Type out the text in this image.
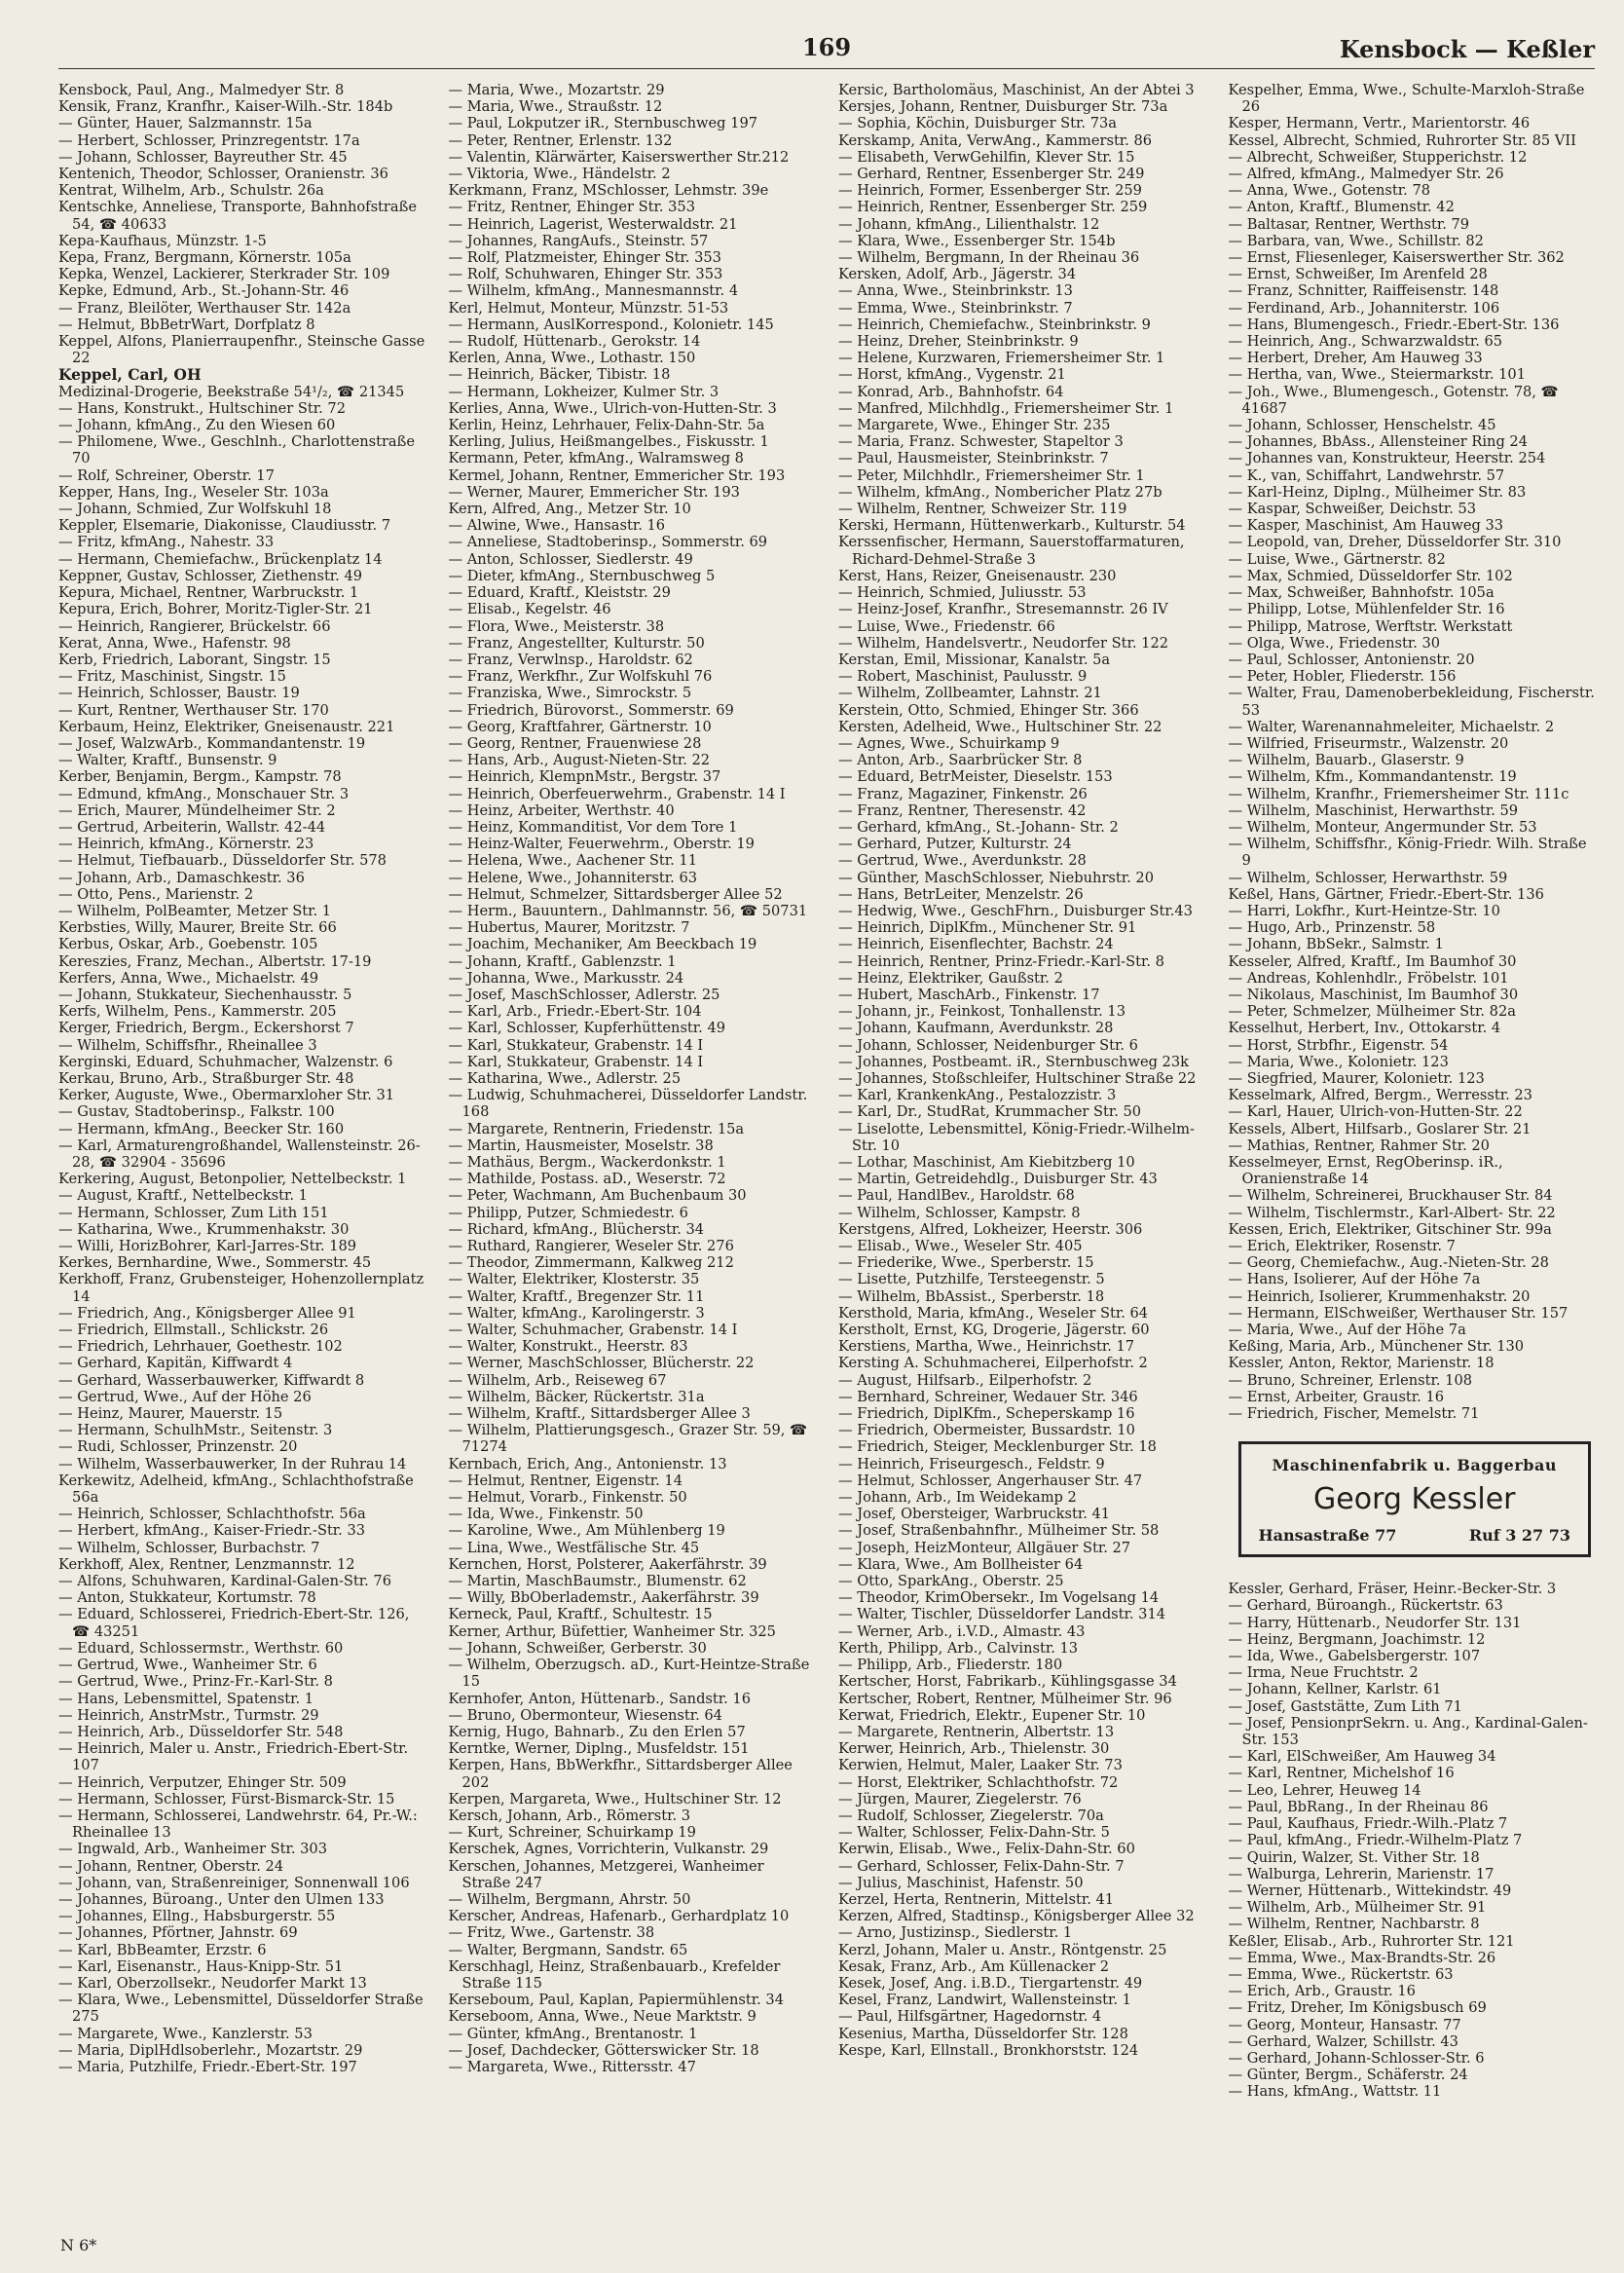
169	Kensbock — Keßler
Kensbock, Paul, Ang., Malmedyer Str. 8
Kensik, Franz, Kranfhr., Kaiser-Wilh.-Str. 184b
— Günter, Hauer, Salzmannstr. 15a
— Herbert, Schlosser, Prinzregentstr. 17a
— Johann, Schlosser, Bayreuther Str. 45
Kentenich, Theodor, Schlosser, Oranienstr. 36
Kentrat, Wilhelm, Arb., Schulstr. 26a
Kentschke, Anneliese, Transporte, Bahnhofstraße 54, ☎ 40633
Kepa-Kaufhaus, Münzstr. 1-5
Kepa, Franz, Bergmann, Körnerstr. 105a
Kepka, Wenzel, Lackierer, Sterkrader Str. 109
Kepke, Edmund, Arb., St.-Johann-Str. 46
— Franz, Bleilöter, Werthauser Str. 142a
— Helmut, BbBetrWart, Dorfplatz 8
Keppel, Alfons, Planierraupenfhr., Steinsche Gasse 22
Keppel, Carl, OH
Medizinal-Drogerie, Beekstraße 54¹/₂, ☎ 21345
— Hans, Konstrukt., Hultschiner Str. 72
— Johann, kfmAng., Zu den Wiesen 60
— Philomene, Wwe., Geschlnh., Charlottenstraße 70
— Rolf, Schreiner, Oberstr. 17
Kepper, Hans, Ing., Weseler Str. 103a
— Johann, Schmied, Zur Wolfskuhl 18
Keppler, Elsemarie, Diakonisse, Claudiusstr. 7
— Fritz, kfmAng., Nahestr. 33
— Hermann, Chemiefachw., Brückenplatz 14
Keppner, Gustav, Schlosser, Ziethenstr. 49
Kepura, Michael, Rentner, Warbruckstr. 1
Kepura, Erich, Bohrer, Moritz-Tigler-Str. 21
— Heinrich, Rangierer, Brückelstr. 66
Kerat, Anna, Wwe., Hafenstr. 98
Kerb, Friedrich, Laborant, Singstr. 15
— Fritz, Maschinist, Singstr. 15
— Heinrich, Schlosser, Baustr. 19
— Kurt, Rentner, Werthauser Str. 170
Kerbaum, Heinz, Elektriker, Gneisenaustr. 221
— Josef, WalzwArb., Kommandantenstr. 19
— Walter, Kraftf., Bunsenstr. 9
Kerber, Benjamin, Bergm., Kampstr. 78
— Edmund, kfmAng., Monschauer Str. 3
— Erich, Maurer, Mündelheimer Str. 2
— Gertrud, Arbeiterin, Wallstr. 42-44
— Heinrich, kfmAng., Körnerstr. 23
— Helmut, Tiefbauarb., Düsseldorfer Str. 578
— Johann, Arb., Damaschkestr. 36
— Otto, Pens., Marienstr. 2
— Wilhelm, PolBeamter, Metzer Str. 1
Kerbsties, Willy, Maurer, Breite Str. 66
Kerbus, Oskar, Arb., Goebenstr. 105
Kereszies, Franz, Mechan., Albertstr. 17-19
Kerfers, Anna, Wwe., Michaelstr. 49
— Johann, Stukkateur, Siechenhausstr. 5
Kerfs, Wilhelm, Pens., Kammerstr. 205
Kerger, Friedrich, Bergm., Eckershorst 7
— Wilhelm, Schiffsfhr., Rheinallee 3
Kerginski, Eduard, Schuhmacher, Walzenstr. 6
Kerkau, Bruno, Arb., Straßburger Str. 48
Kerker, Auguste, Wwe., Obermarxloher Str. 31
— Gustav, Stadtoberinsp., Falkstr. 100
— Hermann, kfmAng., Beecker Str. 160
— Karl, Armaturengroßhandel, Wallensteinstr. 26-28, ☎ 32904 - 35696
Kerkering, August, Betonpolier, Nettelbeckstr. 1
— August, Kraftf., Nettelbeckstr. 1
— Hermann, Schlosser, Zum Lith 151
— Katharina, Wwe., Krummenhakstr. 30
— Willi, HorizBohrer, Karl-Jarres-Str. 189
Kerkes, Bernhardine, Wwe., Sommerstr. 45
Kerkhoff, Franz, Grubensteiger, Hohenzollernplatz 14
— Friedrich, Ang., Königsberger Allee 91
— Friedrich, Ellmstall., Schlickstr. 26
— Friedrich, Lehrhauer, Goethestr. 102
— Gerhard, Kapitän, Kiffwardt 4
— Gerhard, Wasserbauwerker, Kiffwardt 8
— Gertrud, Wwe., Auf der Höhe 26
— Heinz, Maurer, Mauerstr. 15
— Hermann, SchulhMstr., Seitenstr. 3
— Rudi, Schlosser, Prinzenstr. 20
— Wilhelm, Wasserbauwerker, In der Ruhrau 14
Kerkewitz, Adelheid, kfmAng., Schlachthofstraße 56a
— Heinrich, Schlosser, Schlachthofstr. 56a
— Herbert, kfmAng., Kaiser-Friedr.-Str. 33
— Wilhelm, Schlosser, Burbachstr. 7
Kerkhoff, Alex, Rentner, Lenzmannstr. 12
— Alfons, Schuhwaren, Kardinal-Galen-Str. 76
— Anton, Stukkateur, Kortumstr. 78
— Eduard, Schlosserei, Friedrich-Ebert-Str. 126, ☎ 43251
— Eduard, Schlossermstr., Werthstr. 60
— Gertrud, Wwe., Wanheimer Str. 6
— Gertrud, Wwe., Prinz-Fr.-Karl-Str. 8
— Hans, Lebensmittel, Spatenstr. 1
— Heinrich, AnstrMstr., Turmstr. 29
— Heinrich, Arb., Düsseldorfer Str. 548
— Heinrich, Maler u. Anstr., Friedrich-Ebert-Str. 107
— Heinrich, Verputzer, Ehinger Str. 509
— Hermann, Schlosser, Fürst-Bismarck-Str. 15
— Hermann, Schlosserei, Landwehrstr. 64, Pr.-W.: Rheinallee 13
— Ingwald, Arb., Wanheimer Str. 303
— Johann, Rentner, Oberstr. 24
— Johann, van, Straßenreiniger, Sonnenwall 106
— Johannes, Büroang., Unter den Ulmen 133
— Johannes, Ellng., Habsburgerstr. 55
— Johannes, Pförtner, Jahnstr. 69
— Karl, BbBeamter, Erzstr. 6
— Karl, Eisenanstr., Haus-Knipp-Str. 51
— Karl, Oberzollsekr., Neudorfer Markt 13
— Klara, Wwe., Lebensmittel, Düsseldorfer Straße 275
— Margarete, Wwe., Kanzlerstr. 53
— Maria, DiplHdlsoberlehr., Mozartstr. 29
— Maria, Putzhilfe, Friedr.-Ebert-Str. 197
— Maria, Wwe., Mozartstr. 29
— Maria, Wwe., Straußstr. 12
— Paul, Lokputzer iR., Sternbuschweg 197
— Peter, Rentner, Erlenstr. 132
— Valentin, Klärwärter, Kaiserswerther Str.212
— Viktoria, Wwe., Händelstr. 2
Kerkmann, Franz, MSchlosser, Lehmstr. 39e
— Fritz, Rentner, Ehinger Str. 353
— Heinrich, Lagerist, Westerwaldstr. 21
— Johannes, RangAufs., Steinstr. 57
— Rolf, Platzmeister, Ehinger Str. 353
— Rolf, Schuhwaren, Ehinger Str. 353
— Wilhelm, kfmAng., Mannesmannstr. 4
Kerl, Helmut, Monteur, Münzstr. 51-53
— Hermann, AuslKorrespond., Kolonietr. 145
— Rudolf, Hüttenarb., Gerokstr. 14
Kerlen, Anna, Wwe., Lothastr. 150
— Heinrich, Bäcker, Tibistr. 18
— Hermann, Lokheizer, Kulmer Str. 3
Kerlies, Anna, Wwe., Ulrich-von-Hutten-Str. 3
Kerlin, Heinz, Lehrhauer, Felix-Dahn-Str. 5a
Kerling, Julius, Heißmangelbes., Fiskusstr. 1
Kermann, Peter, kfmAng., Walramsweg 8
Kermel, Johann, Rentner, Emmericher Str. 193
— Werner, Maurer, Emmericher Str. 193
Kern, Alfred, Ang., Metzer Str. 10
— Alwine, Wwe., Hansastr. 16
— Anneliese, Stadtoberinsp., Sommerstr. 69
— Anton, Schlosser, Siedlerstr. 49
— Dieter, kfmAng., Sternbuschweg 5
— Eduard, Kraftf., Kleiststr. 29
— Elisab., Kegelstr. 46
— Flora, Wwe., Meisterstr. 38
— Franz, Angestellter, Kulturstr. 50
— Franz, Verwlnsp., Haroldstr. 62
— Franz, Werkfhr., Zur Wolfskuhl 76
— Franziska, Wwe., Simrockstr. 5
— Friedrich, Bürovorst., Sommerstr. 69
— Georg, Kraftfahrer, Gärtnerstr. 10
— Georg, Rentner, Frauenwiese 28
— Hans, Arb., August-Nieten-Str. 22
— Heinrich, KlempnMstr., Bergstr. 37
— Heinrich, Oberfeuerwehrm., Grabenstr. 14 I
— Heinz, Arbeiter, Werthstr. 40
— Heinz, Kommanditist, Vor dem Tore 1
— Heinz-Walter, Feuerwehrm., Oberstr. 19
— Helena, Wwe., Aachener Str. 11
— Helene, Wwe., Johanniterstr. 63
— Helmut, Schmelzer, Sittardsberger Allee 52
— Herm., Bauuntern., Dahlmannstr. 56, ☎ 50731
— Hubertus, Maurer, Moritzstr. 7
— Joachim, Mechaniker, Am Beeckbach 19
— Johann, Kraftf., Gablenzstr. 1
— Johanna, Wwe., Markusstr. 24
— Josef, MaschSchlosser, Adlerstr. 25
— Karl, Arb., Friedr.-Ebert-Str. 104
— Karl, Schlosser, Kupferhüttenstr. 49
— Karl, Stukkateur, Grabenstr. 14 I
— Karl, Stukkateur, Grabenstr. 14 I
— Katharina, Wwe., Adlerstr. 25
— Ludwig, Schuhmacherei, Düsseldorfer Landstr. 168
— Margarete, Rentnerin, Friedenstr. 15a
— Martin, Hausmeister, Moselstr. 38
— Mathäus, Bergm., Wackerdonkstr. 1
— Mathilde, Postass. aD., Weserstr. 72
— Peter, Wachmann, Am Buchenbaum 30
— Philipp, Putzer, Schmiedestr. 6
— Richard, kfmAng., Blücherstr. 34
— Ruthard, Rangierer, Weseler Str. 276
— Theodor, Zimmermann, Kalkweg 212
— Walter, Elektriker, Klosterstr. 35
— Walter, Kraftf., Bregenzer Str. 11
— Walter, kfmAng., Karolingerstr. 3
— Walter, Schuhmacher, Grabenstr. 14 I
— Walter, Konstrukt., Heerstr. 83
— Werner, MaschSchlosser, Blücherstr. 22
— Wilhelm, Arb., Reiseweg 67
— Wilhelm, Bäcker, Rückertstr. 31a
— Wilhelm, Kraftf., Sittardsberger Allee 3
— Wilhelm, Plattierungsgesch., Grazer Str. 59, ☎ 71274
Kernbach, Erich, Ang., Antonienstr. 13
— Helmut, Rentner, Eigenstr. 14
— Helmut, Vorarb., Finkenstr. 50
— Ida, Wwe., Finkenstr. 50
— Karoline, Wwe., Am Mühlenberg 19
— Lina, Wwe., Westfälische Str. 45
Kernchen, Horst, Polsterer, Aakerfährstr. 39
— Martin, MaschBaumstr., Blumenstr. 62
— Willy, BbOberlademstr., Aakerfährstr. 39
Kerneck, Paul, Kraftf., Schultestr. 15
Kerner, Arthur, Büfettier, Wanheimer Str. 325
— Johann, Schweißer, Gerberstr. 30
— Wilhelm, Oberzugsch. aD., Kurt-Heintze-Straße 15
Kernhofer, Anton, Hüttenarb., Sandstr. 16
— Bruno, Obermonteur, Wiesenstr. 64
Kernig, Hugo, Bahnarb., Zu den Erlen 57
Kerntke, Werner, Diplng., Musfeldstr. 151
Kerpen, Hans, BbWerkfhr., Sittardsberger Allee 202
Kerpen, Margareta, Wwe., Hultschiner Str. 12
Kersch, Johann, Arb., Römerstr. 3
— Kurt, Schreiner, Schuirkamp 19
Kerschek, Agnes, Vorrichterin, Vulkanstr. 29
Kerschen, Johannes, Metzgerei, Wanheimer Straße 247
— Wilhelm, Bergmann, Ahrstr. 50
Kerscher, Andreas, Hafenarb., Gerhardplatz 10
— Fritz, Wwe., Gartenstr. 38
— Walter, Bergmann, Sandstr. 65
Kerschhagl, Heinz, Straßenbauarb., Krefelder Straße 115
Kerseboum, Paul, Kaplan, Papiermühlenstr. 34
Kerseboom, Anna, Wwe., Neue Marktstr. 9
— Günter, kfmAng., Brentanostr. 1
— Josef, Dachdecker, Götterswicker Str. 18
— Margareta, Wwe., Rittersstr. 47
Kersic, Bartholomäus, Maschinist, An der Abtei 3
Kersjes, Johann, Rentner, Duisburger Str. 73a
— Sophia, Köchin, Duisburger Str. 73a
Kerskamp, Anita, VerwAng., Kammerstr. 86
— Elisabeth, VerwGehilfin, Klever Str. 15
— Gerhard, Rentner, Essenberger Str. 249
— Heinrich, Former, Essenberger Str. 259
— Heinrich, Rentner, Essenberger Str. 259
— Johann, kfmAng., Lilienthalstr. 12
— Klara, Wwe., Essenberger Str. 154b
— Wilhelm, Bergmann, In der Rheinau 36
Kersken, Adolf, Arb., Jägerstr. 34
— Anna, Wwe., Steinbrinkstr. 13
— Emma, Wwe., Steinbrinkstr. 7
— Heinrich, Chemiefachw., Steinbrinkstr. 9
— Heinz, Dreher, Steinbrinkstr. 9
— Helene, Kurzwaren, Friemersheimer Str. 1
— Horst, kfmAng., Vygenstr. 21
— Konrad, Arb., Bahnhofstr. 64
— Manfred, Milchhdlg., Friemersheimer Str. 1
— Margarete, Wwe., Ehinger Str. 235
— Maria, Franz. Schwester, Stapeltor 3
— Paul, Hausmeister, Steinbrinkstr. 7
— Peter, Milchhdlr., Friemersheimer Str. 1
— Wilhelm, kfmAng., Nombericher Platz 27b
— Wilhelm, Rentner, Schweizer Str. 119
Kerski, Hermann, Hüttenwerkarb., Kulturstr. 54
Kerssenfischer, Hermann, Sauerstoffarmaturen, Richard-Dehmel-Straße 3
Kerst, Hans, Reizer, Gneisenaustr. 230
— Heinrich, Schmied, Juliusstr. 53
— Heinz-Josef, Kranfhr., Stresemannstr. 26 IV
— Luise, Wwe., Friedenstr. 66
— Wilhelm, Handelsvertr., Neudorfer Str. 122
Kerstan, Emil, Missionar, Kanalstr. 5a
— Robert, Maschinist, Paulusstr. 9
— Wilhelm, Zollbeamter, Lahnstr. 21
Kerstein, Otto, Schmied, Ehinger Str. 366
Kersten, Adelheid, Wwe., Hultschiner Str. 22
— Agnes, Wwe., Schuirkamp 9
— Anton, Arb., Saarbrücker Str. 8
— Eduard, BetrMeister, Dieselstr. 153
— Franz, Magaziner, Finkenstr. 26
— Franz, Rentner, Theresenstr. 42
— Gerhard, kfmAng., St.-Johann- Str. 2
— Gerhard, Putzer, Kulturstr. 24
— Gertrud, Wwe., Averdunkstr. 28
— Günther, MaschSchlosser, Niebuhrstr. 20
— Hans, BetrLeiter, Menzelstr. 26
— Hedwig, Wwe., GeschFhrn., Duisburger Str.43
— Heinrich, DiplKfm., Münchener Str. 91
— Heinrich, Eisenflechter, Bachstr. 24
— Heinrich, Rentner, Prinz-Friedr.-Karl-Str. 8
— Heinz, Elektriker, Gaußstr. 2
— Hubert, MaschArb., Finkenstr. 17
— Johann, jr., Feinkost, Tonhallenstr. 13
— Johann, Kaufmann, Averdunkstr. 28
— Johann, Schlosser, Neidenburger Str. 6
— Johannes, Postbeamt. iR., Sternbuschweg 23k
— Johannes, Stoßschleifer, Hultschiner Straße 22
— Karl, KrankenkAng., Pestalozzistr. 3
— Karl, Dr., StudRat, Krummacher Str. 50
— Liselotte, Lebensmittel, König-Friedr.-Wilhelm-Str. 10
— Lothar, Maschinist, Am Kiebitzberg 10
— Martin, Getreidehdlg., Duisburger Str. 43
— Paul, HandlBev., Haroldstr. 68
— Wilhelm, Schlosser, Kampstr. 8
Kerstgens, Alfred, Lokheizer, Heerstr. 306
— Elisab., Wwe., Weseler Str. 405
— Friederike, Wwe., Sperberstr. 15
— Lisette, Putzhilfe, Tersteegenstr. 5
— Wilhelm, BbAssist., Sperberstr. 18
Kersthold, Maria, kfmAng., Weseler Str. 64
Kerstholt, Ernst, KG, Drogerie, Jägerstr. 60
Kerstiens, Martha, Wwe., Heinrichstr. 17
Kersting A. Schuhmacherei, Eilperhofstr. 2
— August, Hilfsarb., Eilperhofstr. 2
— Bernhard, Schreiner, Wedauer Str. 346
— Friedrich, DiplKfm., Scheperskamp 16
— Friedrich, Obermeister, Bussardstr. 10
— Friedrich, Steiger, Mecklenburger Str. 18
— Heinrich, Friseurgesch., Feldstr. 9
— Helmut, Schlosser, Angerhauser Str. 47
— Johann, Arb., Im Weidekamp 2
— Josef, Obersteiger, Warbruckstr. 41
— Josef, Straßenbahnfhr., Mülheimer Str. 58
— Joseph, HeizMonteur, Allgäuer Str. 27
— Klara, Wwe., Am Bollheister 64
— Otto, SparkAng., Oberstr. 25
— Theodor, KrimObersekr., Im Vogelsang 14
— Walter, Tischler, Düsseldorfer Landstr. 314
— Werner, Arb., i.V.D., Almastr. 43
Kerth, Philipp, Arb., Calvinstr. 13
— Philipp, Arb., Fliederstr. 180
Kertscher, Horst, Fabrikarb., Kühlingsgasse 34
Kertscher, Robert, Rentner, Mülheimer Str. 96
Kerwat, Friedrich, Elektr., Eupener Str. 10
— Margarete, Rentnerin, Albertstr. 13
Kerwer, Heinrich, Arb., Thielenstr. 30
Kerwien, Helmut, Maler, Laaker Str. 73
— Horst, Elektriker, Schlachthofstr. 72
— Jürgen, Maurer, Ziegelerstr. 76
— Rudolf, Schlosser, Ziegelerstr. 70a
— Walter, Schlosser, Felix-Dahn-Str. 5
Kerwin, Elisab., Wwe., Felix-Dahn-Str. 60
— Gerhard, Schlosser, Felix-Dahn-Str. 7
— Julius, Maschinist, Hafenstr. 50
Kerzel, Herta, Rentnerin, Mittelstr. 41
Kerzen, Alfred, Stadtinsp., Königsberger Allee 32
— Arno, Justizinsp., Siedlerstr. 1
Kerzl, Johann, Maler u. Anstr., Röntgenstr. 25
Kesak, Franz, Arb., Am Küllenacker 2
Kesek, Josef, Ang. i.B.D., Tiergartenstr. 49
Kesel, Franz, Landwirt, Wallensteinstr. 1
— Paul, Hilfsgärtner, Hagedornstr. 4
Kesenius, Martha, Düsseldorfer Str. 128
Kespe, Karl, Ellnstall., Bronkhorststr. 124
Kespelher, Emma, Wwe., Schulte-Marxloh-Straße 26
Kesper, Hermann, Vertr., Marientorstr. 46
Kessel, Albrecht, Schmied, Ruhrorter Str. 85 VII
— Albrecht, Schweißer, Stupperichstr. 12
— Alfred, kfmAng., Malmedyer Str. 26
— Anna, Wwe., Gotenstr. 78
— Anton, Kraftf., Blumenstr. 42
— Baltasar, Rentner, Werthstr. 79
— Barbara, van, Wwe., Schillstr. 82
— Ernst, Fliesenleger, Kaiserswerther Str. 362
— Ernst, Schweißer, Im Arenfeld 28
— Franz, Schnitter, Raiffeisenstr. 148
— Ferdinand, Arb., Johanniterstr. 106
— Hans, Blumengesch., Friedr.-Ebert-Str. 136
— Heinrich, Ang., Schwarzwaldstr. 65
— Herbert, Dreher, Am Hauweg 33
— Hertha, van, Wwe., Steiermarkstr. 101
— Joh., Wwe., Blumengesch., Gotenstr. 78, ☎ 41687
— Johann, Schlosser, Henschelstr. 45
— Johannes, BbAss., Allensteiner Ring 24
— Johannes van, Konstrukteur, Heerstr. 254
— K., van, Schiffahrt, Landwehrstr. 57
— Karl-Heinz, Diplng., Mülheimer Str. 83
— Kaspar, Schweißer, Deichstr. 53
— Kasper, Maschinist, Am Hauweg 33
— Leopold, van, Dreher, Düsseldorfer Str. 310
— Luise, Wwe., Gärtnerstr. 82
— Max, Schmied, Düsseldorfer Str. 102
— Max, Schweißer, Bahnhofstr. 105a
— Philipp, Lotse, Mühlenfelder Str. 16
— Philipp, Matrose, Werftstr. Werkstatt
— Olga, Wwe., Friedenstr. 30
— Paul, Schlosser, Antonienstr. 20
— Peter, Hobler, Fliederstr. 156
— Walter, Frau, Damenoberbekleidung, Fischerstr. 53
— Walter, Warenannahmeleiter, Michaelstr. 2
— Wilfried, Friseurmstr., Walzenstr. 20
— Wilhelm, Bauarb., Glaserstr. 9
— Wilhelm, Kfm., Kommandantenstr. 19
— Wilhelm, Kranfhr., Friemersheimer Str. 111c
— Wilhelm, Maschinist, Herwarthstr. 59
— Wilhelm, Monteur, Angermunder Str. 53
— Wilhelm, Schiffsfhr., König-Friedr. Wilh. Straße 9
— Wilhelm, Schlosser, Herwarthstr. 59
Keßel, Hans, Gärtner, Friedr.-Ebert-Str. 136
— Harri, Lokfhr., Kurt-Heintze-Str. 10
— Hugo, Arb., Prinzenstr. 58
— Johann, BbSekr., Salmstr. 1
Kesseler, Alfred, Kraftf., Im Baumhof 30
— Andreas, Kohlenhdlr., Fröbelstr. 101
— Nikolaus, Maschinist, Im Baumhof 30
— Peter, Schmelzer, Mülheimer Str. 82a
Kesselhut, Herbert, Inv., Ottokarstr. 4
— Horst, Strbfhr., Eigenstr. 54
— Maria, Wwe., Kolonietr. 123
— Siegfried, Maurer, Kolonietr. 123
Kesselmark, Alfred, Bergm., Werresstr. 23
— Karl, Hauer, Ulrich-von-Hutten-Str. 22
Kessels, Albert, Hilfsarb., Goslarer Str. 21
— Mathias, Rentner, Rahmer Str. 20
Kesselmeyer, Ernst, RegOberinsp. iR., Oranienstraße 14
— Wilhelm, Schreinerei, Bruckhauser Str. 84
— Wilhelm, Tischlermstr., Karl-Albert- Str. 22
Kessen, Erich, Elektriker, Gitschiner Str. 99a
— Erich, Elektriker, Rosenstr. 7
— Georg, Chemiefachw., Aug.-Nieten-Str. 28
— Hans, Isolierer, Auf der Höhe 7a
— Heinrich, Isolierer, Krummenhakstr. 20
— Hermann, ElSchweißer, Werthauser Str. 157
— Maria, Wwe., Auf der Höhe 7a
Keßing, Maria, Arb., Münchener Str. 130
Kessler, Anton, Rektor, Marienstr. 18
— Bruno, Schreiner, Erlenstr. 108
— Ernst, Arbeiter, Graustr. 16
— Friedrich, Fischer, Memelstr. 71
Maschinenfabrik u. Baggerbau
Georg Kessler
Hansastraße 77	Ruf 3 27 73
Kessler, Gerhard, Fräser, Heinr.-Becker-Str. 3
— Gerhard, Büroangh., Rückertstr. 63
— Harry, Hüttenarb., Neudorfer Str. 131
— Heinz, Bergmann, Joachimstr. 12
— Ida, Wwe., Gabelsbergerstr. 107
— Irma, Neue Fruchtstr. 2
— Johann, Kellner, Karlstr. 61
— Josef, Gaststätte, Zum Lith 71
— Josef, PensionprSekrn. u. Ang., Kardinal-Galen-Str. 153
— Karl, ElSchweißer, Am Hauweg 34
— Karl, Rentner, Michelshof 16
— Leo, Lehrer, Heuweg 14
— Paul, BbRang., In der Rheinau 86
— Paul, Kaufhaus, Friedr.-Wilh.-Platz 7
— Paul, kfmAng., Friedr.-Wilhelm-Platz 7
— Quirin, Walzer, St. Vither Str. 18
— Walburga, Lehrerin, Marienstr. 17
— Werner, Hüttenarb., Wittekindstr. 49
— Wilhelm, Arb., Mülheimer Str. 91
— Wilhelm, Rentner, Nachbarstr. 8
Keßler, Elisab., Arb., Ruhrorter Str. 121
— Emma, Wwe., Max-Brandts-Str. 26
— Emma, Wwe., Rückertstr. 63
— Erich, Arb., Graustr. 16
— Fritz, Dreher, Im Königsbusch 69
— Georg, Monteur, Hansastr. 77
— Gerhard, Walzer, Schillstr. 43
— Gerhard, Johann-Schlosser-Str. 6
— Günter, Bergm., Schäferstr. 24
— Hans, kfmAng., Wattstr. 11
N 6*
